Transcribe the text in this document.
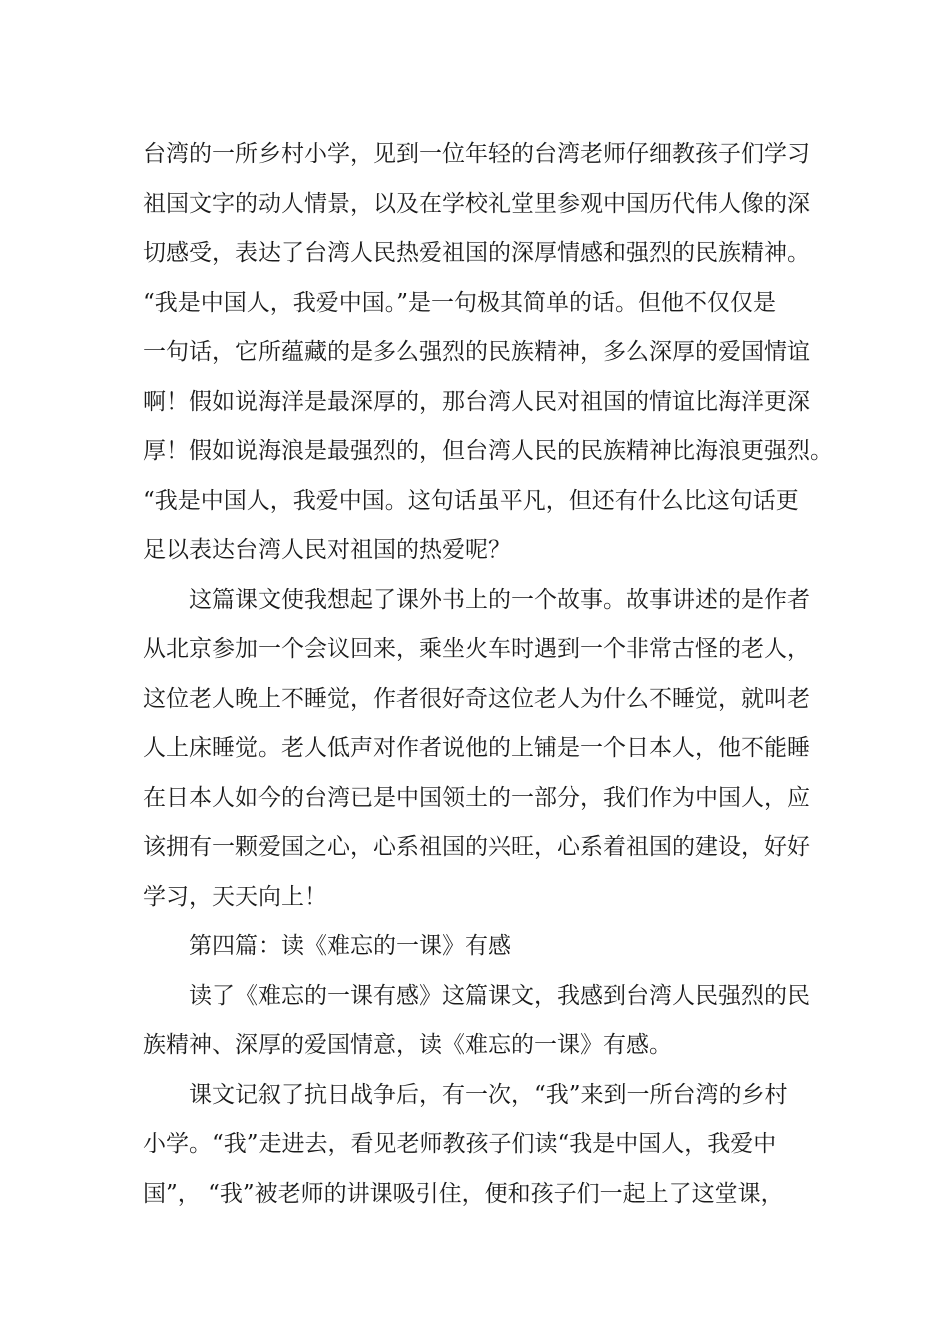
台湾的一所乡村小学，见到一位年轻的台湾老师仔细教孩子们学习
祖国文字的动人情景，以及在学校礼堂里参观中国历代伟人像的深
切感受，表达了台湾人民热爱祖国的深厚情感和强烈的民族精神。
“我是中国人，我爱中国。”是一句极其简单的话。但他不仅仅是
一句话，它所蕴藏的是多么强烈的民族精神，多么深厚的爱国情谊
啊！假如说海洋是最深厚的，那台湾人民对祖国的情谊比海洋更深
厚！假如说海浪是最强烈的，但台湾人民的民族精神比海浪更强烈。
“我是中国人，我爱中国。这句话虽平凡，但还有什么比这句话更
足以表达台湾人民对祖国的热爱呢？
这篇课文使我想起了课外书上的一个故事。故事讲述的是作者
从北京参加一个会议回来，乘坐火车时遇到一个非常古怪的老人，
这位老人晚上不睡觉，作者很好奇这位老人为什么不睡觉，就叫老
人上床睡觉。老人低声对作者说他的上铺是一个日本人，他不能睡
在日本人如今的台湾已是中国领土的一部分，我们作为中国人，应
该拥有一颗爱国之心，心系祖国的兴旺，心系着祖国的建设，好好
学习，天天向上！
第四篇：读《难忘的一课》有感
读了《难忘的一课有感》这篇课文，我感到台湾人民强烈的民
族精神、深厚的爱国情意，读《难忘的一课》有感。
课文记叙了抗日战争后，有一次，“我”来到一所台湾的乡村
小学。“我”走进去，看见老师教孩子们读“我是中国人，我爱中
国”， “我”被老师的讲课吸引住，便和孩子们一起上了这堂课，
